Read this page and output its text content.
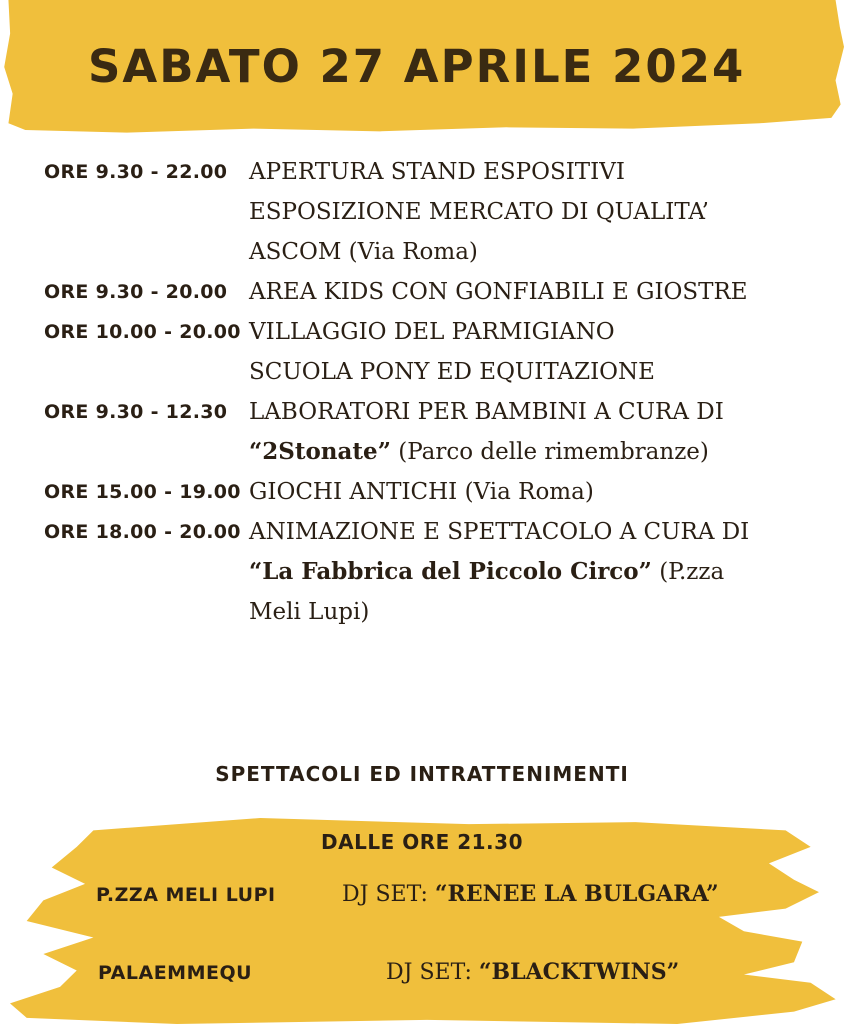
SABATO 27 APRILE 2024
ORE 9.30 - 22.00 APERTURA STAND ESPOSITIVI
ESPOSIZIONE MERCATO DI QUALITA’
ASCOM (Via Roma)
ORE 9.30 - 20.00 AREA KIDS CON GONFIABILI E GIOSTRE
ORE 10.00 - 20.00 VILLAGGIO DEL PARMIGIANO
SCUOLA PONY ED EQUITAZIONE
ORE 9.30 - 12.30 LABORATORI PER BAMBINI A CURA DI
“2Stonate” (Parco delle rimembranze)
ORE 15.00 - 19.00 GIOCHI ANTICHI (Via Roma)
ORE 18.00 - 20.00 ANIMAZIONE E SPETTACOLO A CURA DI
“La Fabbrica del Piccolo Circo” (P.zza
Meli Lupi)
SPETTACOLI ED INTRATTENIMENTI
DALLE ORE 21.30
P.ZZA MELI LUPI	DJ SET: “RENEE LA BULGARA”
PALAEMMEQU	DJ SET: “BLACKTWINS”
